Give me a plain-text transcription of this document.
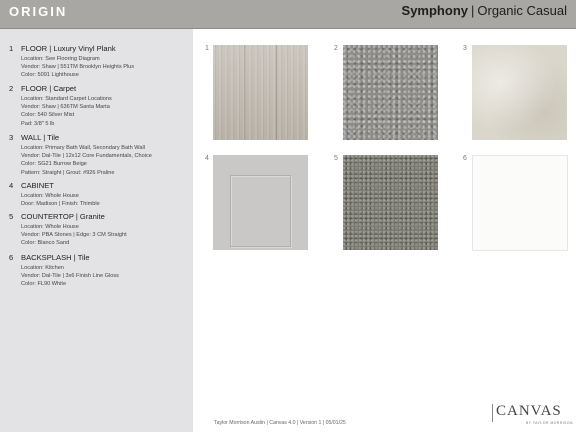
ORIGIN	Symphony | Organic Casual
1 FLOOR | Luxury Vinyl Plank
Location: See Flooring Diagram
Vendor: Shaw | 551TM Brooklyn Heights Plus
Color: 5091 Lighthouse
2 FLOOR | Carpet
Location: Standard Carpet Locations
Vendor: Shaw | 636TM Santa Marta
Color: 540 Silver Mist
Pad: 3/8" 5 lb
3 WALL | Tile
Location: Primary Bath Wall, Secondary Bath Wall
Vendor: Dal-Tile | 12x12 Core Fundamentals, Choice
Color: SG21 Burrow Beige
Pattern: Straight | Grout: #926 Praline
4 CABINET
Location: Whole House
Door: Madison | Finish: Thimble
5 COUNTERTOP | Granite
Location: Whole House
Vendor: PBA Stones | Edge: 3 CM Straight
Color: Blanco Sand
6 BACKSPLASH | Tile
Location: Kitchen
Vendor: Dal-Tile | 3x6 Finish Line Gloss
Color: FL90 White
1	2	3
4	5	6
Taylor Morrison Austin | Canvas 4.0 | Version 1 | 05/01/25
CANVAS
BY TAYLOR MORRISON
